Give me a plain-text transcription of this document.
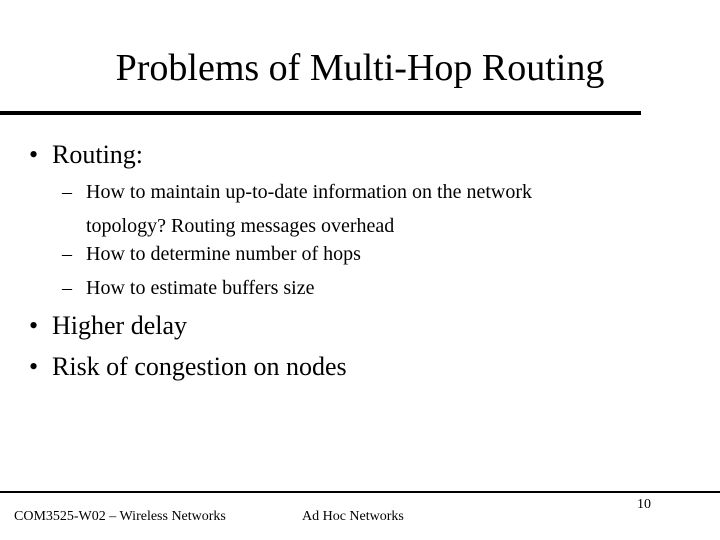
Problems of Multi-Hop Routing
• Routing:
– How to maintain up-to-date information on the network
topology? Routing messages overhead
– How to determine number of hops
– How to estimate buffers size
• Higher delay
• Risk of congestion on nodes
COM3525-W02 – Wireless Networks	Ad Hoc Networks
10
